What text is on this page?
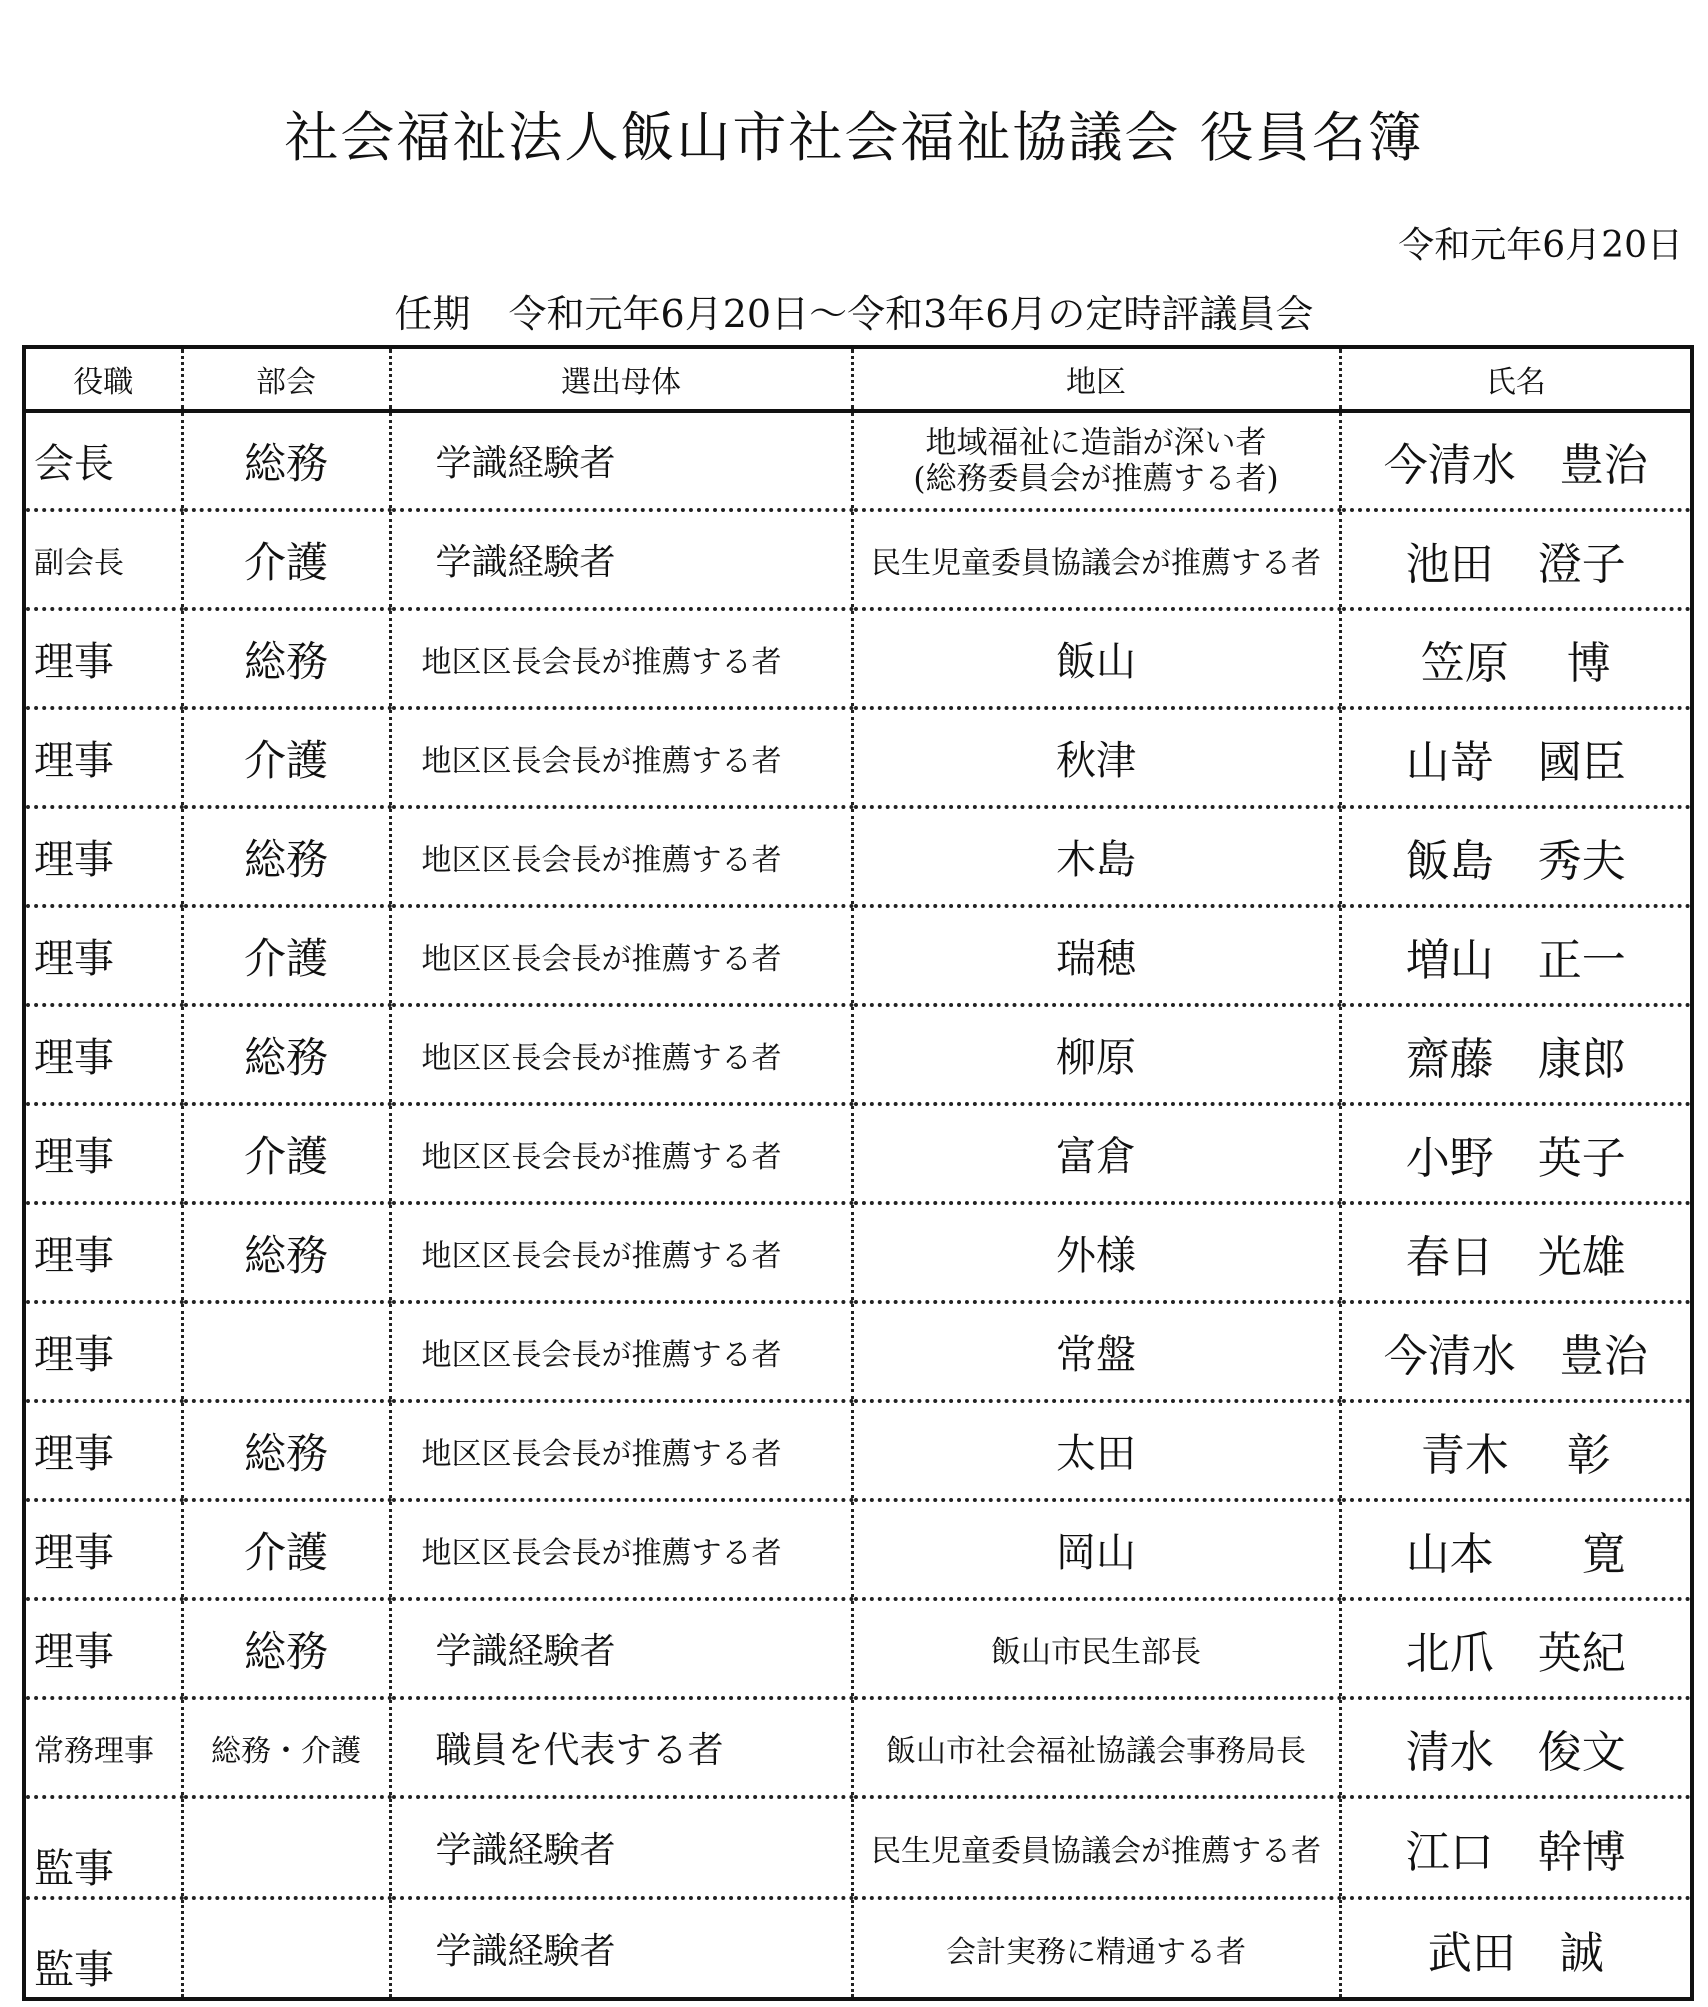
社会福祉法人飯山市社会福祉協議会 役員名簿
令和元年6月20日
任期　令和元年6月20日～令和3年6月の定時評議員会
役職	部会	選出母体	地区	氏名
会長	総務	学識経験者	地域福祉に造詣が深い者
(総務委員会が推薦する者)	今清水　豊治
副会長	介護	学識経験者	民生児童委員協議会が推薦する者	池田　澄子
理事	総務	地区区長会長が推薦する者	飯山	笠原　 博
理事	介護	地区区長会長が推薦する者	秋津	山嵜　國臣
理事	総務	地区区長会長が推薦する者	木島	飯島　秀夫
理事	介護	地区区長会長が推薦する者	瑞穂	増山　正一
理事	総務	地区区長会長が推薦する者	柳原	齋藤　康郎
理事	介護	地区区長会長が推薦する者	富倉	小野　英子
理事	総務	地区区長会長が推薦する者	外様	春日　光雄
理事		地区区長会長が推薦する者	常盤	今清水　豊治
理事	総務	地区区長会長が推薦する者	太田	青木　 彰
理事	介護	地区区長会長が推薦する者	岡山	山本　　寛
理事	総務	学識経験者	飯山市民生部長	北爪　英紀
常務理事	総務・介護	職員を代表する者	飯山市社会福祉協議会事務局長	清水　俊文
監事		学識経験者	民生児童委員協議会が推薦する者	江口　幹博
監事		学識経験者	会計実務に精通する者	武田　誠
